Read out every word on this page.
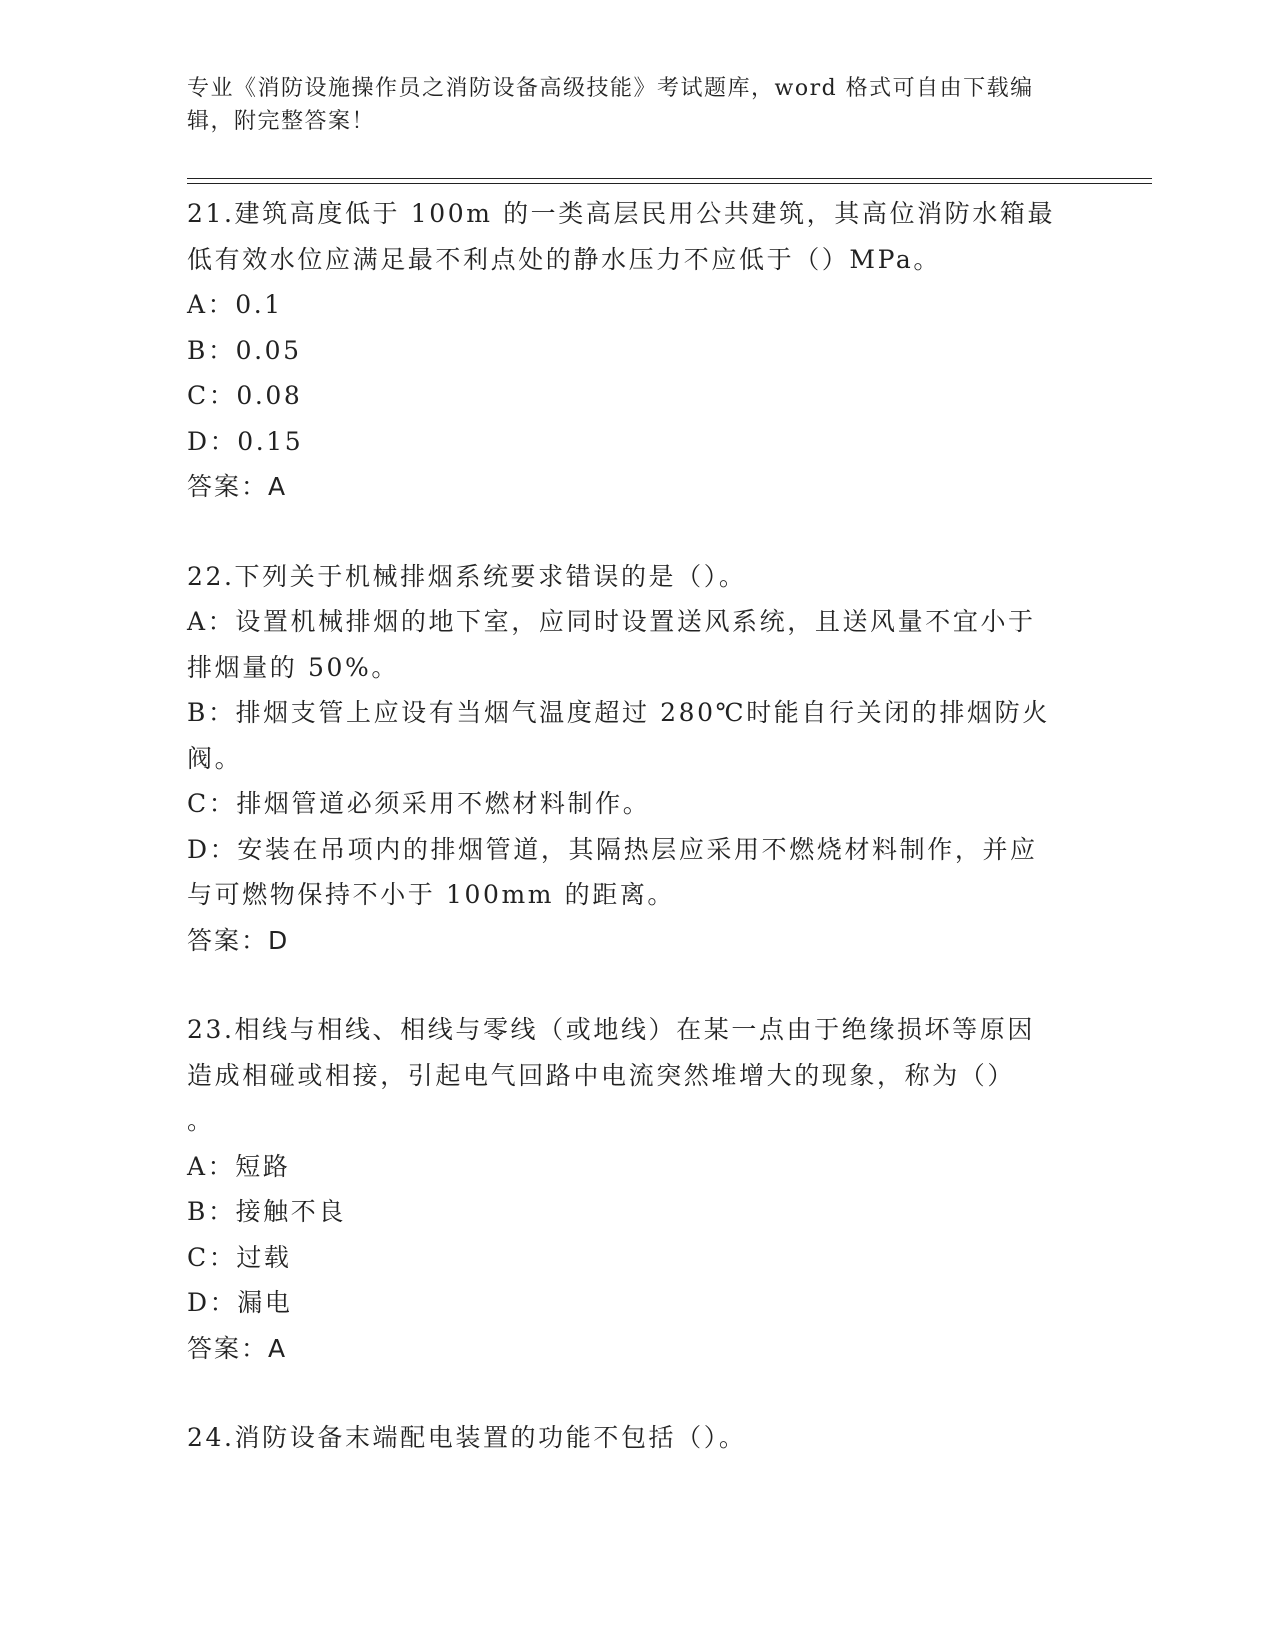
专业《消防设施操作员之消防设备高级技能》考试题库，word 格式可自由下载编
辑，附完整答案！
21.建筑高度低于 100m 的一类高层民用公共建筑，其高位消防水箱最
低有效水位应满足最不利点处的静水压力不应低于（）MPa。
A：0.1
B：0.05
C：0.08
D：0.15
答案：A
22.下列关于机械排烟系统要求错误的是（）。
A：设置机械排烟的地下室，应同时设置送风系统，且送风量不宜小于
排烟量的 50%。
B：排烟支管上应设有当烟气温度超过 280℃时能自行关闭的排烟防火
阀。
C：排烟管道必须采用不燃材料制作。
D：安装在吊项内的排烟管道，其隔热层应采用不燃烧材料制作，并应
与可燃物保持不小于 100mm 的距离。
答案：D
23.相线与相线、相线与零线（或地线）在某一点由于绝缘损坏等原因
造成相碰或相接，引起电气回路中电流突然堆增大的现象，称为（）
。
A：短路
B：接触不良
C：过载
D：漏电
答案：A
24.消防设备末端配电装置的功能不包括（）。
